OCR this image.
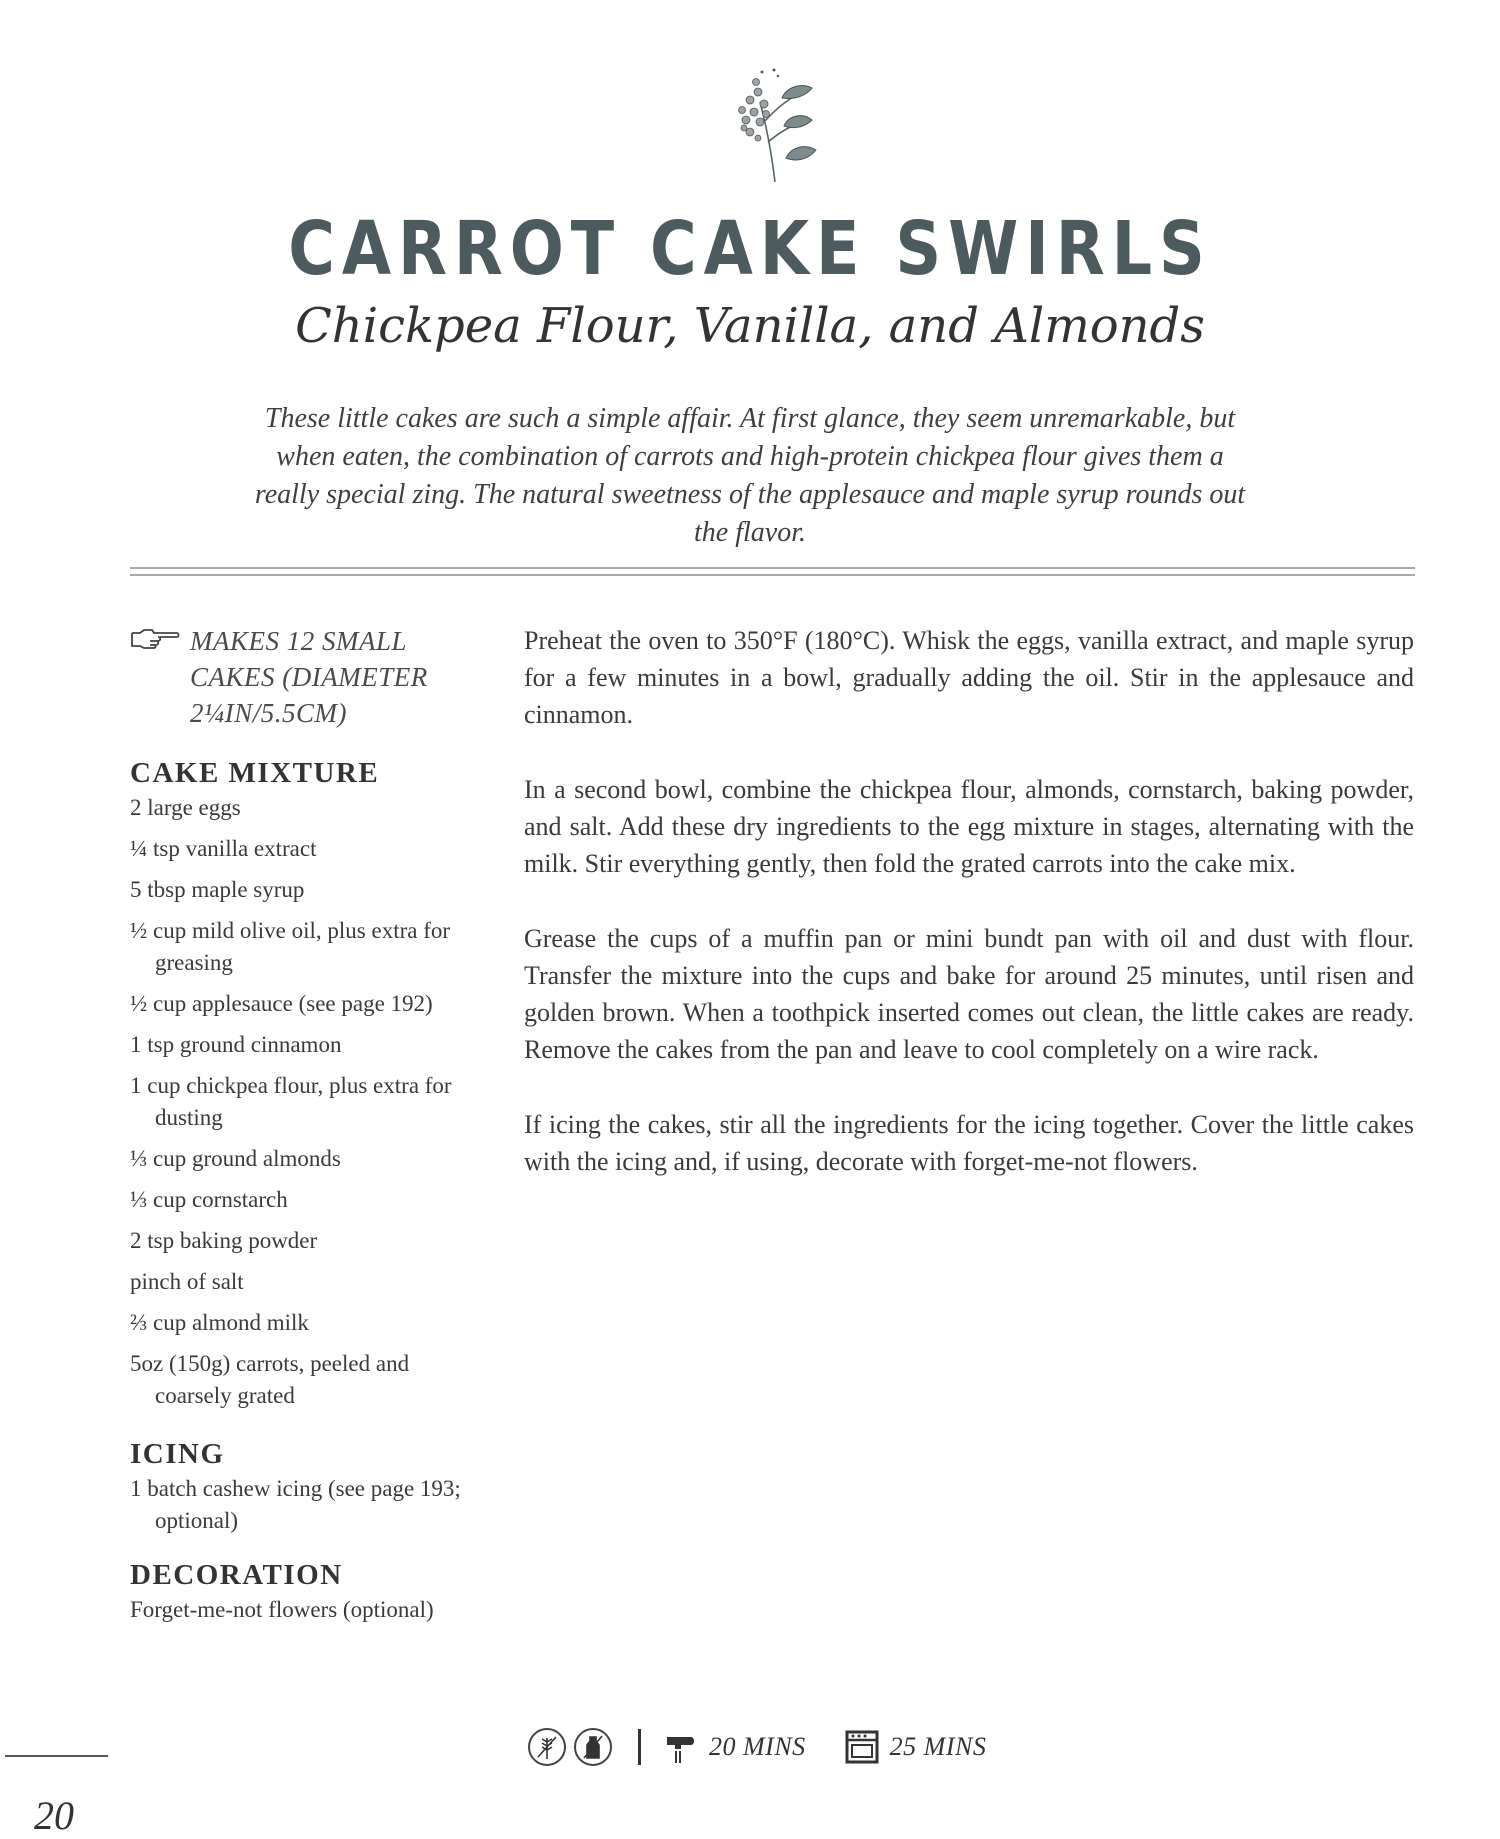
CARROT CAKE SWIRLS
Chickpea Flour, Vanilla, and Almonds
These little cakes are such a simple affair. At first glance, they seem unremarkable, but when eaten, the combination of carrots and high-protein chickpea flour gives them a really special zing. The natural sweetness of the applesauce and maple syrup rounds out the flavor.
MAKES 12 SMALL
CAKES (DIAMETER
2¼IN/5.5CM)
CAKE MIXTURE
2 large eggs
¼ tsp vanilla extract
5 tbsp maple syrup
½ cup mild olive oil, plus extra for greasing
½ cup applesauce (see page 192)
1 tsp ground cinnamon
1 cup chickpea flour, plus extra for dusting
⅓ cup ground almonds
⅓ cup cornstarch
2 tsp baking powder
pinch of salt
⅔ cup almond milk
5oz (150g) carrots, peeled and coarsely grated
ICING
1 batch cashew icing (see page 193; optional)
DECORATION
Forget-me-not flowers (optional)

Preheat the oven to 350°F (180°C). Whisk the eggs, vanilla extract, and maple syrup for a few minutes in a bowl, gradually adding the oil. Stir in the applesauce and cinnamon.

In a second bowl, combine the chickpea flour, almonds, cornstarch, baking powder, and salt. Add these dry ingredients to the egg mixture in stages, alternating with the milk. Stir everything gently, then fold the grated carrots into the cake mix.

Grease the cups of a muffin pan or mini bundt pan with oil and dust with flour. Transfer the mixture into the cups and bake for around 25 minutes, until risen and golden brown. When a toothpick inserted comes out clean, the little cakes are ready. Remove the cakes from the pan and leave to cool completely on a wire rack.

If icing the cakes, stir all the ingredients for the icing together. Cover the little cakes with the icing and, if using, decorate with forget-me-not flowers.

20 MINS	25 MINS
20
